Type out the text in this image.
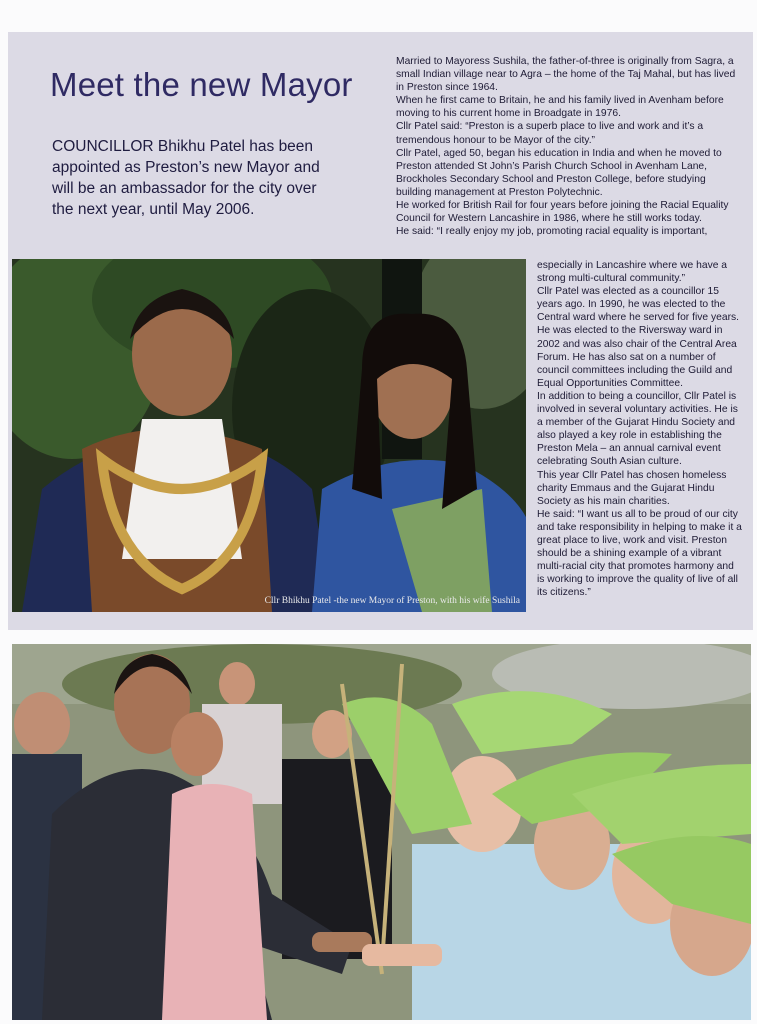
Meet the new Mayor

COUNCILLOR Bhikhu Patel has been appointed as Preston’s new Mayor and will be an ambassador for the city over the next year, until May 2006.

Married to Mayoress Sushila, the father-of-three is originally from Sagra, a small Indian village near to Agra – the home of the Taj Mahal, but has lived in Preston since 1964.

When he first came to Britain, he and his family lived in Avenham before moving to his current home in Broadgate in 1976.

Cllr Patel said: “Preston is a superb place to live and work and it’s a tremendous honour to be Mayor of the city.”

Cllr Patel, aged 50, began his education in India and when he moved to Preston attended St John’s Parish Church School in Avenham Lane, Brockholes Secondary School and Preston College, before studying building management at Preston Polytechnic.

He worked for British Rail for four years before joining the Racial Equality Council for Western Lancashire in 1986, where he still works today.

He said: “I really enjoy my job, promoting racial equality is important,

Cllr Bhikhu Patel -the new Mayor of Preston, with his wife Sushila

especially in Lancashire where we have a strong multi-cultural community.”

Cllr Patel was elected as a councillor 15 years ago. In 1990, he was elected to the Central ward where he served for five years. He was elected to the Riversway ward in 2002 and was also chair of the Central Area Forum. He has also sat on a number of council committees including the Guild and Equal Opportunities Committee.

In addition to being a councillor, Cllr Patel is involved in several voluntary activities. He is a member of the Gujarat Hindu Society and also played a key role in establishing the Preston Mela – an annual carnival event celebrating South Asian culture.

This year Cllr Patel has chosen homeless charity Emmaus and the Gujarat Hindu Society as his main charities.

He said: “I want us all to be proud of our city and take responsibility in helping to make it a great place to live, work and visit. Preston should be a shining example of a vibrant multi-racial city that promotes harmony and is working to improve the quality of live of all its citizens.”
